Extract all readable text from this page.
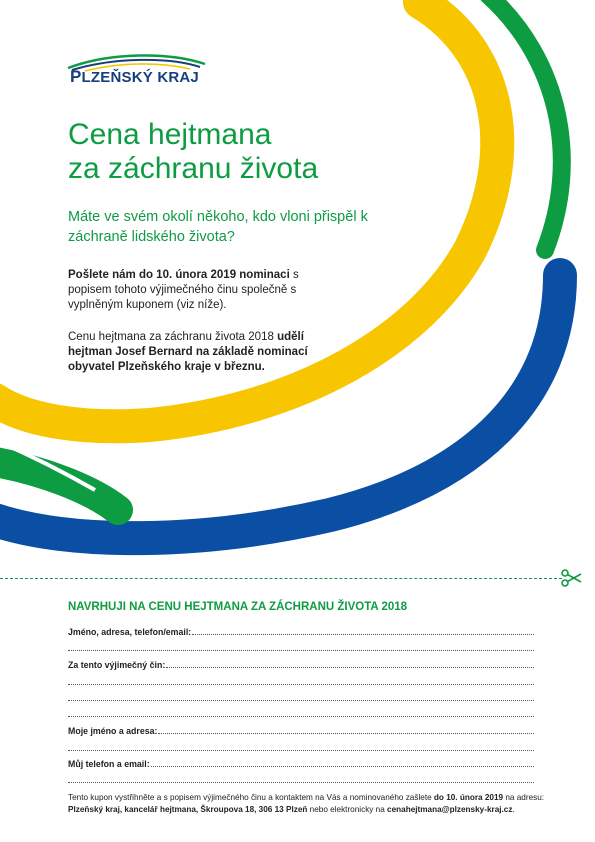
PLZEŇSKÝ KRAJ
Cena hejtmana
za záchranu života
Máte ve svém okolí někoho, kdo vloni přispěl k záchraně lidského života?
Pošlete nám do 10. února 2019 nominaci s popisem tohoto výjimečného činu společně s vyplněným kuponem (viz níže).
Cenu hejtmana za záchranu života 2018 udělí hejtman Josef Bernard na základě nominací obyvatel Plzeňského kraje v březnu.
NAVRHUJI NA CENU HEJTMANA ZA ZÁCHRANU ŽIVOTA 2018
Jméno, adresa, telefon/email:
Za tento výjimečný čin:
Moje jméno a adresa:
Můj telefon a email:
Tento kupon vystřihněte a s popisem výjimečného činu a kontaktem na Vás a nominovaného zašlete do 10. února 2019 na adresu: Plzeňský kraj, kancelář hejtmana, Škroupova 18, 306 13 Plzeň nebo elektronicky na cenahejtmana@plzensky-kraj.cz.
